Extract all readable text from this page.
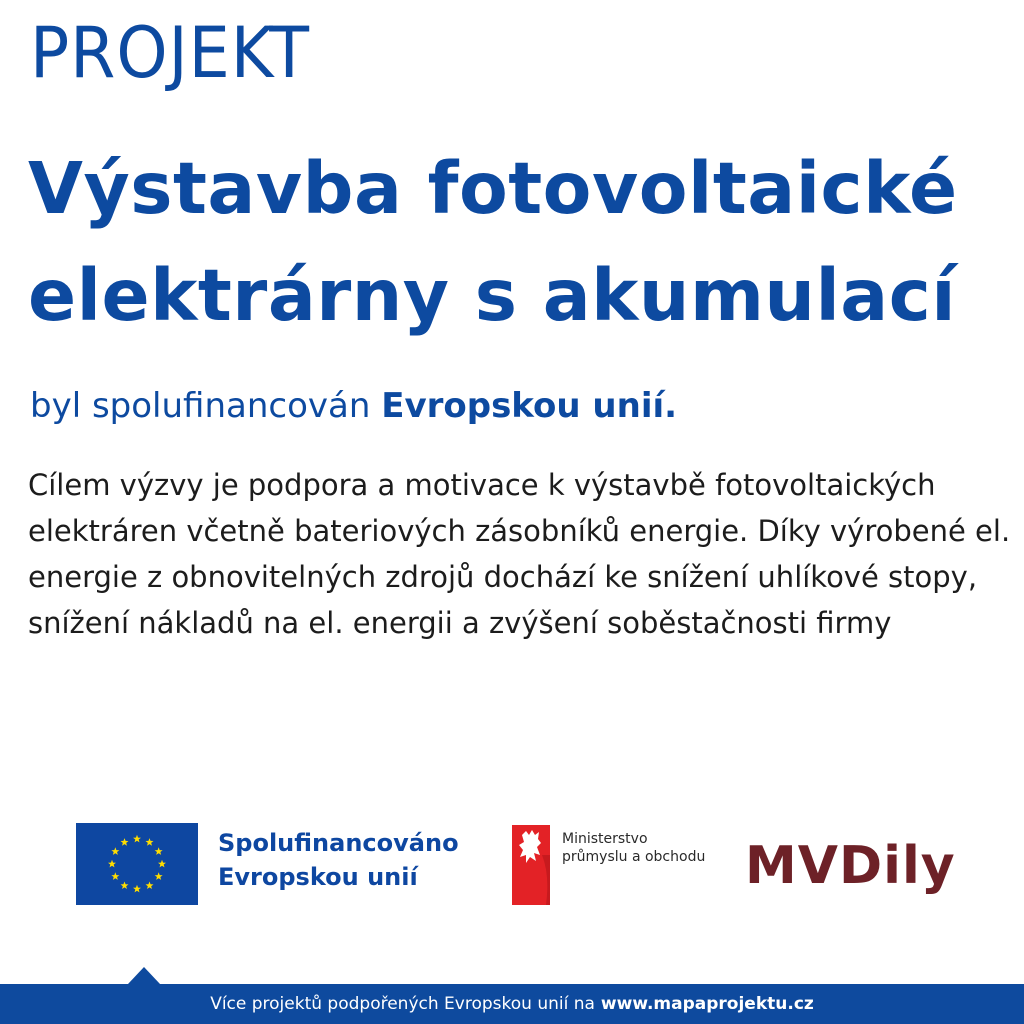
PROJEKT
Výstavba fotovoltaické
elektrárny s akumulací
byl spolufinancován Evropskou unií.

Cílem výzvy je podpora a motivace k výstavbě fotovoltaických elektráren včetně bateriových zásobníků energie. Díky výrobené el. energie z obnovitelných zdrojů dochází ke snížení uhlíkové stopy, snížení nákladů na el. energii a zvýšení soběstačnosti firmy

Spolufinancováno
Evropskou unií
Ministerstvo
průmyslu a obchodu MVDily
Více projektů podpořených Evropskou unií na www.mapaprojektu.cz
